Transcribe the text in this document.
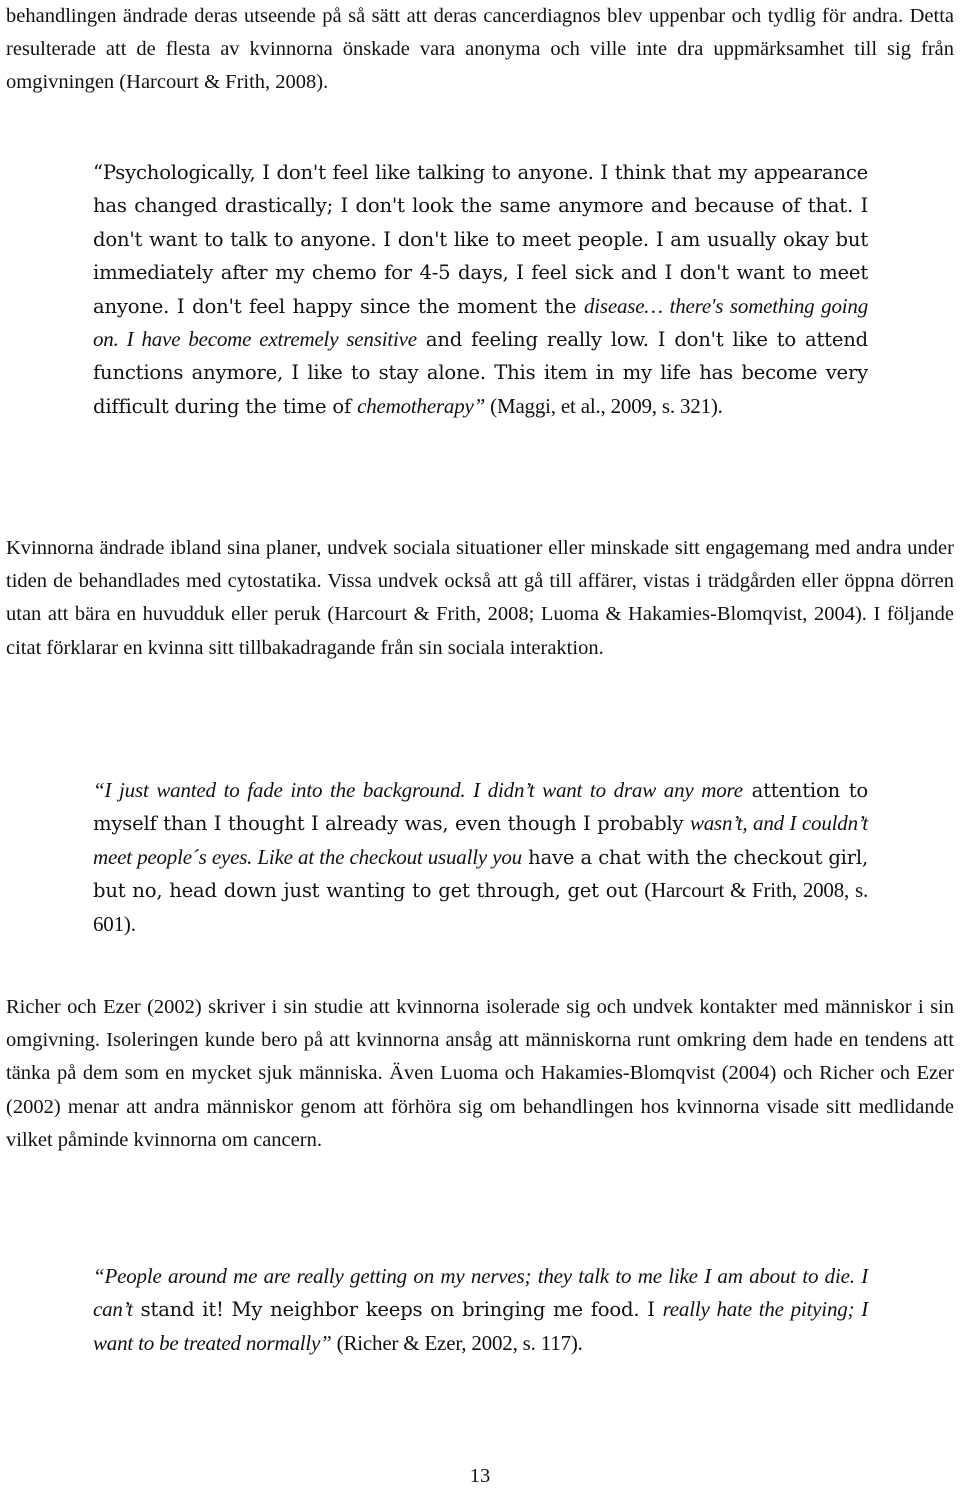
behandlingen ändrade deras utseende på så sätt att deras cancerdiagnos blev uppenbar och tydlig för andra. Detta resulterade att de flesta av kvinnorna önskade vara anonyma och ville inte dra uppmärksamhet till sig från omgivningen (Harcourt & Frith, 2008).

“Psychologically, I don't feel like talking to anyone. I think that my appearance has changed drastically; I don't look the same anymore and because of that. I don't want to talk to anyone. I don't like to meet people. I am usually okay but immediately after my chemo for 4-5 days, I feel sick and I don't want to meet anyone. I don't feel happy since the moment the disease… there's something going on. I have become extremely sensitive and feeling really low. I don't like to attend functions anymore, I like to stay alone. This item in my life has become very difficult during the time of chemotherapy” (Maggi, et al., 2009, s. 321).

Kvinnorna ändrade ibland sina planer, undvek sociala situationer eller minskade sitt engagemang med andra under tiden de behandlades med cytostatika. Vissa undvek också att gå till affärer, vistas i trädgården eller öppna dörren utan att bära en huvudduk eller peruk (Harcourt & Frith, 2008; Luoma & Hakamies-Blomqvist, 2004). I följande citat förklarar en kvinna sitt tillbakadragande från sin sociala interaktion.

“I just wanted to fade into the background. I didn’t want to draw any more attention to myself than I thought I already was, even though I probably wasn’t, and I couldn’t meet people´s eyes. Like at the checkout usually you have a chat with the checkout girl, but no, head down just wanting to get through, get out (Harcourt & Frith, 2008, s. 601).

Richer och Ezer (2002) skriver i sin studie att kvinnorna isolerade sig och undvek kontakter med människor i sin omgivning. Isoleringen kunde bero på att kvinnorna ansåg att människorna runt omkring dem hade en tendens att tänka på dem som en mycket sjuk människa. Även Luoma och Hakamies-Blomqvist (2004) och Richer och Ezer (2002) menar att andra människor genom att förhöra sig om behandlingen hos kvinnorna visade sitt medlidande vilket påminde kvinnorna om cancern.

“People around me are really getting on my nerves; they talk to me like I am about to die. I can’t stand it! My neighbor keeps on bringing me food. I really hate the pitying; I want to be treated normally” (Richer & Ezer, 2002, s. 117).

13
